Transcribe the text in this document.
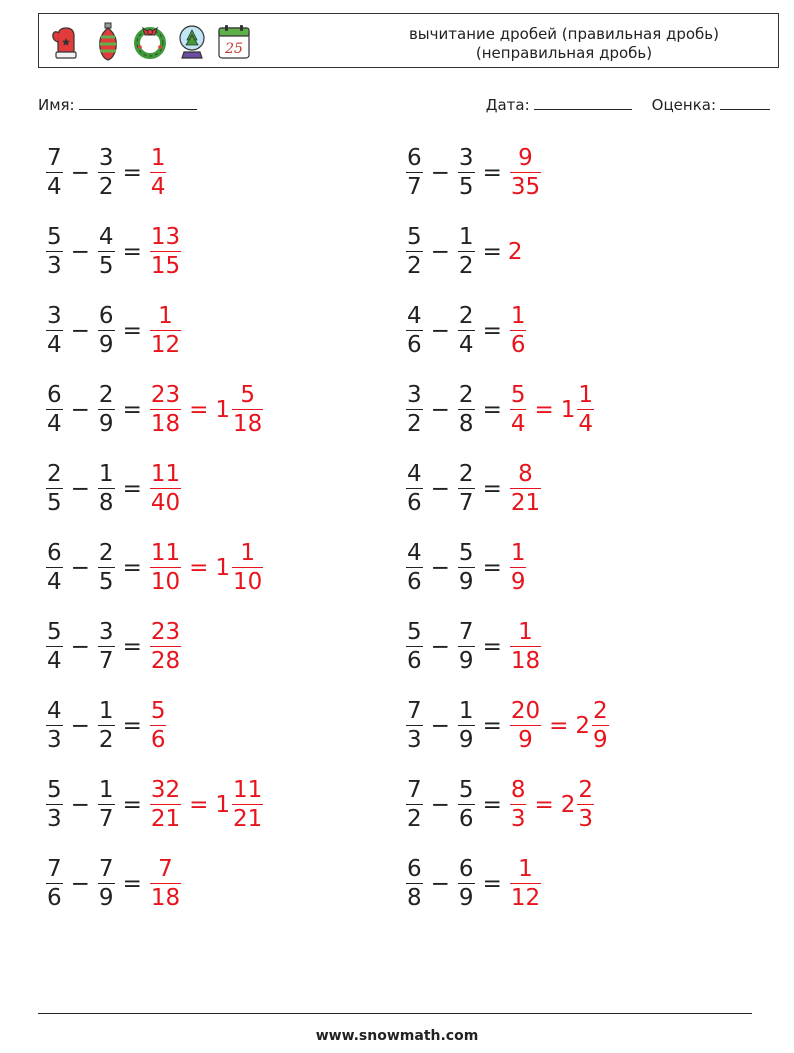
25
вычитание дробей (правильная дробь)
(неправильная дробь)
Имя:	Дата:	Оценка:
$\frac{7}{4} - \frac{3}{2} = \frac{1}{4}$	$\frac{6}{7} - \frac{3}{5} = \frac{9}{35}$
$\frac{5}{3} - \frac{4}{5} = \frac{13}{15}$	$\frac{5}{2} - \frac{1}{2} = 2$
$\frac{3}{4} - \frac{6}{9} = \frac{1}{12}$	$\frac{4}{6} - \frac{2}{4} = \frac{1}{6}$
$\frac{6}{4} - \frac{2}{9} = \frac{23}{18} = 1 \frac{5}{18}$	$\frac{3}{2} - \frac{2}{8} = \frac{5}{4} = 1 \frac{1}{4}$
$\frac{2}{5} - \frac{1}{8} = \frac{11}{40}$	$\frac{4}{6} - \frac{2}{7} = \frac{8}{21}$
$\frac{6}{4} - \frac{2}{5} = \frac{11}{10} = 1 \frac{1}{10}$	$\frac{4}{6} - \frac{5}{9} = \frac{1}{9}$
$\frac{5}{4} - \frac{3}{7} = \frac{23}{28}$	$\frac{5}{6} - \frac{7}{9} = \frac{1}{18}$
$\frac{4}{3} - \frac{1}{2} = \frac{5}{6}$	$\frac{7}{3} - \frac{1}{9} = \frac{20}{9} = 2 \frac{2}{9}$
$\frac{5}{3} - \frac{1}{7} = \frac{32}{21} = 1 \frac{11}{21}$	$\frac{7}{2} - \frac{5}{6} = \frac{8}{3} = 2 \frac{2}{3}$
$\frac{7}{6} - \frac{7}{9} = \frac{7}{18}$	$\frac{6}{8} - \frac{6}{9} = \frac{1}{12}$
www.snowmath.com
